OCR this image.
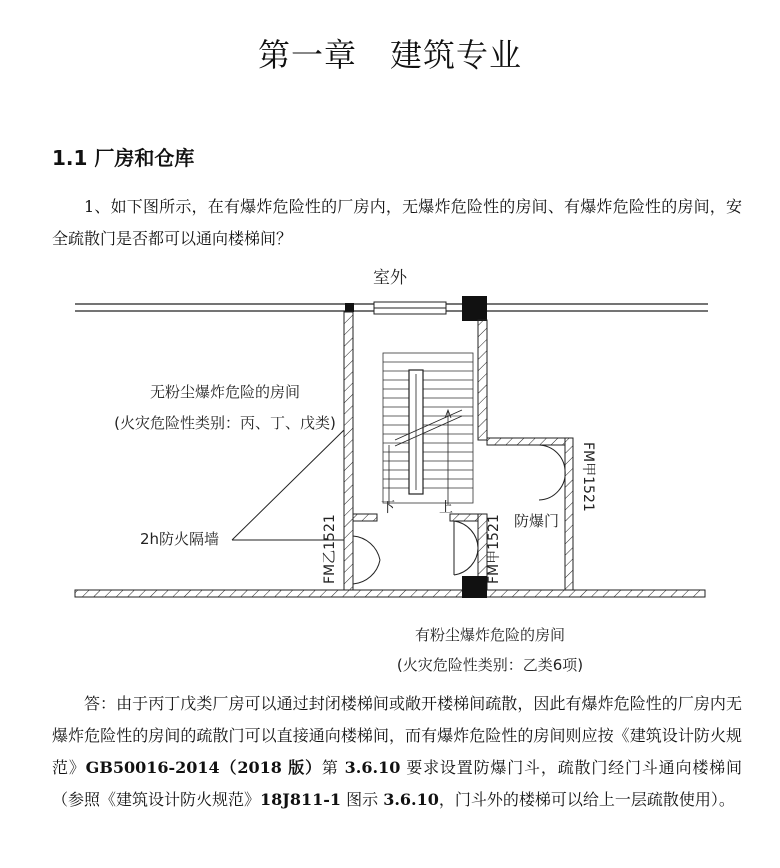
第一章　建筑专业
1.1 厂房和仓库
1、如下图所示，在有爆炸危险性的厂房内，无爆炸危险性的房间、有爆炸危险性的房间，安全疏散门是否都可以通向楼梯间？
室外
无粉尘爆炸危险的房间
(火灾危险性类别：丙、丁、戊类)
2h防火隔墙
有粉尘爆炸危险的房间
(火灾危险性类别：乙类6项)
下	上
防爆门
FM乙1521	FM甲1521
FM甲1521
答：由于丙丁戊类厂房可以通过封闭楼梯间或敞开楼梯间疏散，因此有爆炸危险性的厂房内无爆炸危险性的房间的疏散门可以直接通向楼梯间，而有爆炸危险性的房间则应按《建筑设计防火规范》GB50016-2014（2018 版）第 3.6.10 要求设置防爆门斗，疏散门经门斗通向楼梯间（参照《建筑设计防火规范》18J811-1 图示 3.6.10，门斗外的楼梯可以给上一层疏散使用）。
